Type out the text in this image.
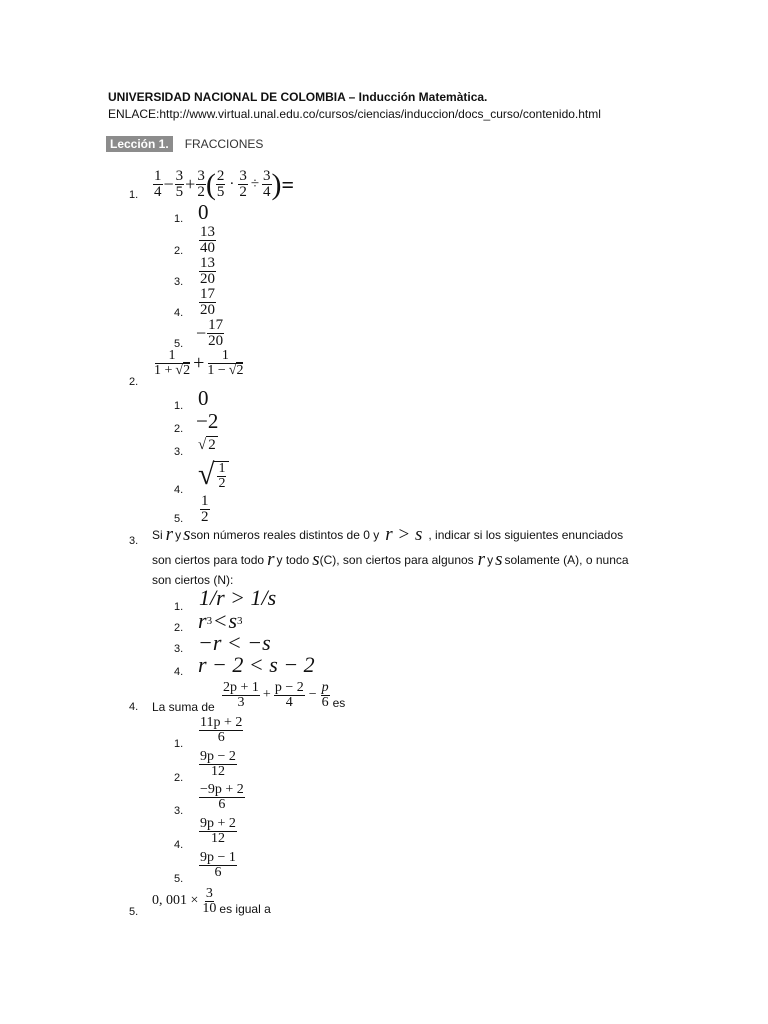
UNIVERSIDAD NACIONAL DE COLOMBIA – Inducción Matemàtica.
ENLACE: http://www.virtual.unal.edu.co/cursos/ciencias/induccion/docs_curso/contenido.html
Lección 1.	FRACCIONES
1. $\frac{1}{4} - \frac{3}{5} + \frac{3}{2}$ ( $\frac{2}{5} \cdot \frac{3}{2} \div \frac{3}{4}$ ) =
1. 0
2. $\frac{13}{40}$
3. $\frac{13}{20}$
4. $\frac{17}{20}$
5.
− $\frac{17}{20}$
2.
$\frac{1}{1 + √2} + \frac{1}{1 - √2}$
1. 0
2. −2
3. √ 2
4. √ $\frac{1}{2}$
5. $\frac{1}{2}$
3. Si r y s son números reales distintos de 0 y r > s , indicar si los siguientes enunciados
son ciertos para todo r y todo s (C), son ciertos para algunos r y s solamente (A), o nunca
son ciertos (N):
1. 1/r > 1/s
2. r 3 < s 3
3. −r < −s
4. r − 2 < s − 2
4. La suma de $\frac{2p + 1}{3} + \frac{p - 2}{4} - \frac{p}{6}$ es
1. $\frac{11p + 2}{6}$
2. $\frac{9p - 2}{12}$
3. $\frac{-9p + 2}{6}$
4. $\frac{9p + 2}{12}$
5. $\frac{9p - 1}{6}$
5.
0, $001 \times \frac{3}{10}$ es igual a
